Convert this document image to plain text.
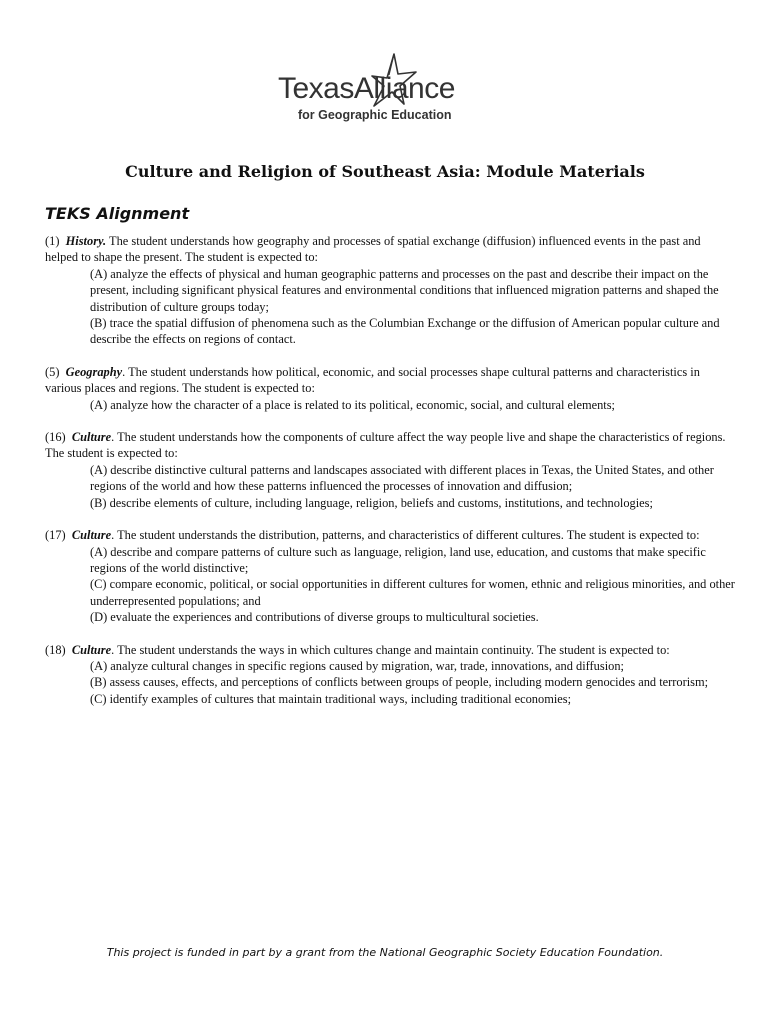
TexasAlliance
for Geographic Education
Culture and Religion of Southeast Asia: Module Materials
TEKS Alignment

(1) History. The student understands how geography and processes of spatial exchange (diffusion) influenced events in the past and helped to shape the present. The student is expected to:

(A) analyze the effects of physical and human geographic patterns and processes on the past and describe their impact on the present, including significant physical features and environmental conditions that influenced migration patterns and shaped the distribution of culture groups today;

(B) trace the spatial diffusion of phenomena such as the Columbian Exchange or the diffusion of American popular culture and describe the effects on regions of contact.

(5) Geography. The student understands how political, economic, and social processes shape cultural patterns and characteristics in various places and regions. The student is expected to:

(A) analyze how the character of a place is related to its political, economic, social, and cultural elements;

(16) Culture. The student understands how the components of culture affect the way people live and shape the characteristics of regions. The student is expected to:

(A) describe distinctive cultural patterns and landscapes associated with different places in Texas, the United States, and other regions of the world and how these patterns influenced the processes of innovation and diffusion;

(B) describe elements of culture, including language, religion, beliefs and customs, institutions, and technologies;

(17) Culture. The student understands the distribution, patterns, and characteristics of different cultures. The student is expected to:

(A) describe and compare patterns of culture such as language, religion, land use, education, and customs that make specific regions of the world distinctive;

(C) compare economic, political, or social opportunities in different cultures for women, ethnic and religious minorities, and other underrepresented populations; and

(D) evaluate the experiences and contributions of diverse groups to multicultural societies.

(18) Culture. The student understands the ways in which cultures change and maintain continuity. The student is expected to:

(A) analyze cultural changes in specific regions caused by migration, war, trade, innovations, and diffusion;

(B) assess causes, effects, and perceptions of conflicts between groups of people, including modern genocides and terrorism;

(C) identify examples of cultures that maintain traditional ways, including traditional economies;

This project is funded in part by a grant from the National Geographic Society Education Foundation.
